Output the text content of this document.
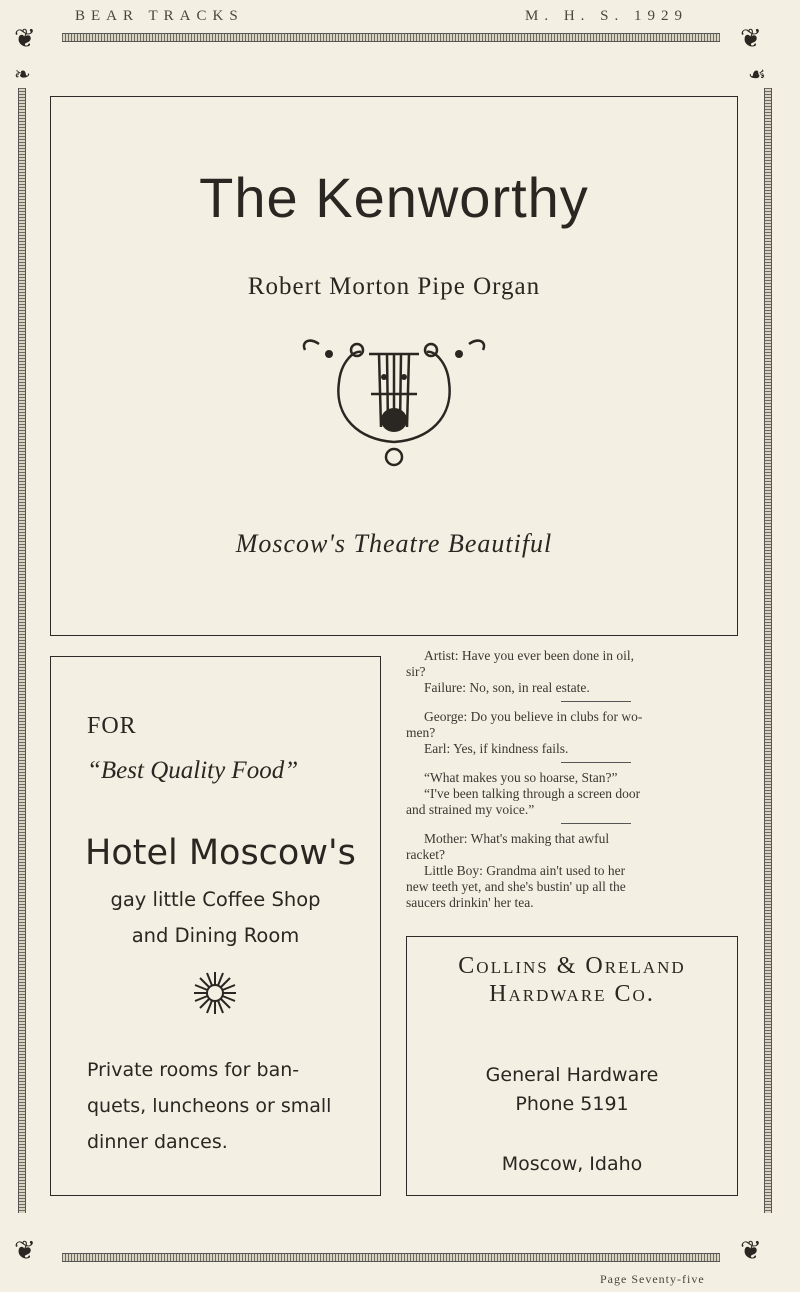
BEAR TRACKS	M. H. S. 1929
❦	❦
❦	❦
❧	☙
The Kenworthy
Robert Morton Pipe Organ
Moscow's Theatre Beautiful
FOR
“Best Quality Food”
Hotel Moscow's
gay little Coffee Shop
and Dining Room
Private rooms for ban-
quets, luncheons or small
dinner dances.

Artist: Have you ever been done in oil,

sir?

Failure: No, son, in real estate.

George: Do you believe in clubs for wo-

men?

Earl: Yes, if kindness fails.

“What makes you so hoarse, Stan?”

“I've been talking through a screen door

and strained my voice.”

Mother: What's making that awful

racket?

Little Boy: Grandma ain't used to her

new teeth yet, and she's bustin' up all the

saucers drinkin' her tea.

Collins & Oreland
Hardware Co.
General Hardware
Phone 5191
Moscow, Idaho
Page Seventy-five
